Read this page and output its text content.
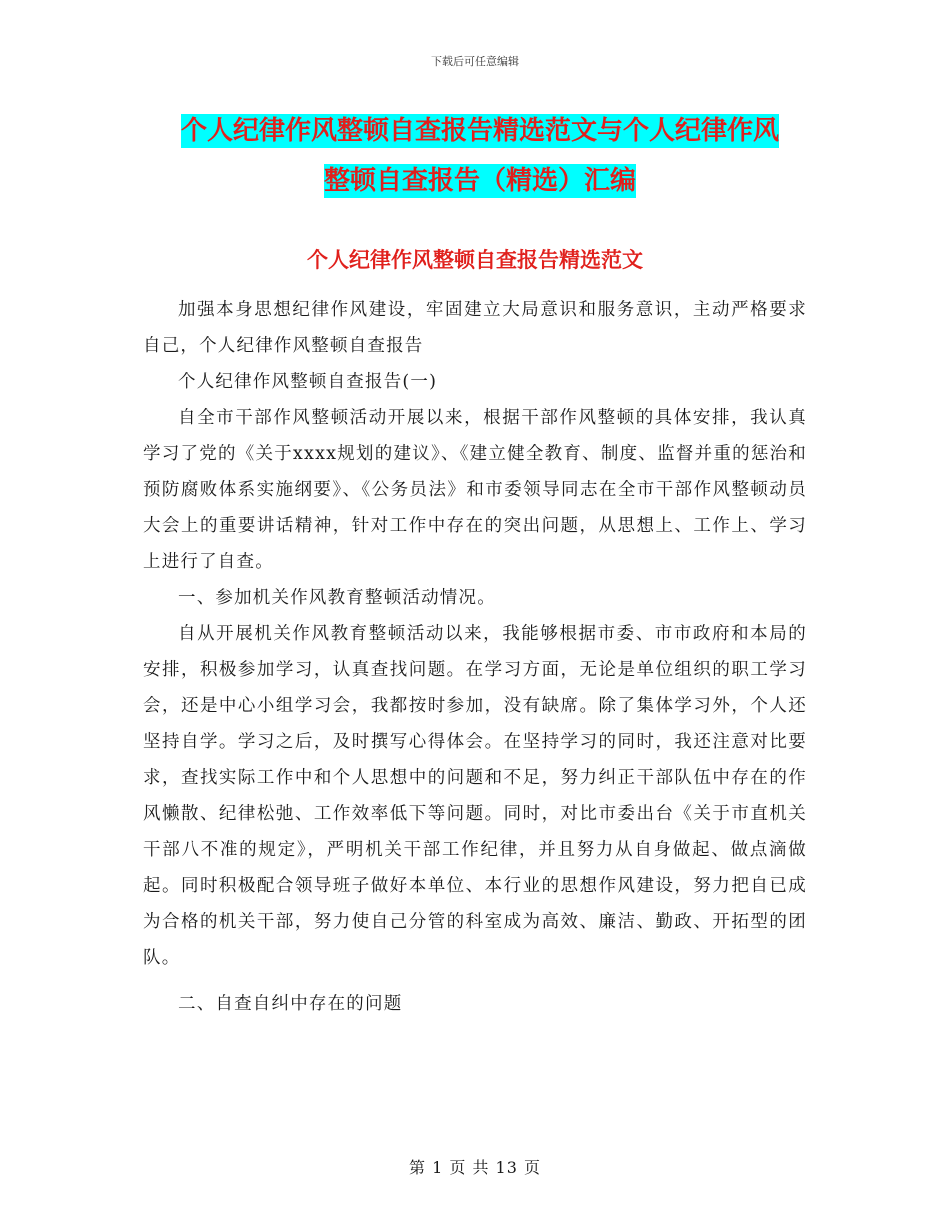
下载后可任意编辑
个人纪律作风整顿自查报告精选范文与个人纪律作风
整顿自查报告（精选）汇编
个人纪律作风整顿自查报告精选范文

加强本身思想纪律作风建设，牢固建立大局意识和服务意识，主动严格要求自己，个人纪律作风整顿自查报告

个人纪律作风整顿自查报告(一)

自全市干部作风整顿活动开展以来，根据干部作风整顿的具体安排，我认真学习了党的《关于xxxx规划的建议》、《建立健全教育、制度、监督并重的惩治和预防腐败体系实施纲要》、《公务员法》和市委领导同志在全市干部作风整顿动员大会上的重要讲话精神，针对工作中存在的突出问题，从思想上、工作上、学习上进行了自查。

一、参加机关作风教育整顿活动情况。

自从开展机关作风教育整顿活动以来，我能够根据市委、市市政府和本局的安排，积极参加学习，认真查找问题。在学习方面，无论是单位组织的职工学习会，还是中心小组学习会，我都按时参加，没有缺席。除了集体学习外，个人还坚持自学。学习之后，及时撰写心得体会。在坚持学习的同时，我还注意对比要求，查找实际工作中和个人思想中的问题和不足，努力纠正干部队伍中存在的作风懒散、纪律松弛、工作效率低下等问题。同时，对比市委出台《关于市直机关干部八不准的规定》，严明机关干部工作纪律，并且努力从自身做起、做点滴做起。同时积极配合领导班子做好本单位、本行业的思想作风建设，努力把自已成为合格的机关干部，努力使自己分管的科室成为高效、廉洁、勤政、开拓型的团队。

二、自查自纠中存在的问题

第 1 页 共 13 页
